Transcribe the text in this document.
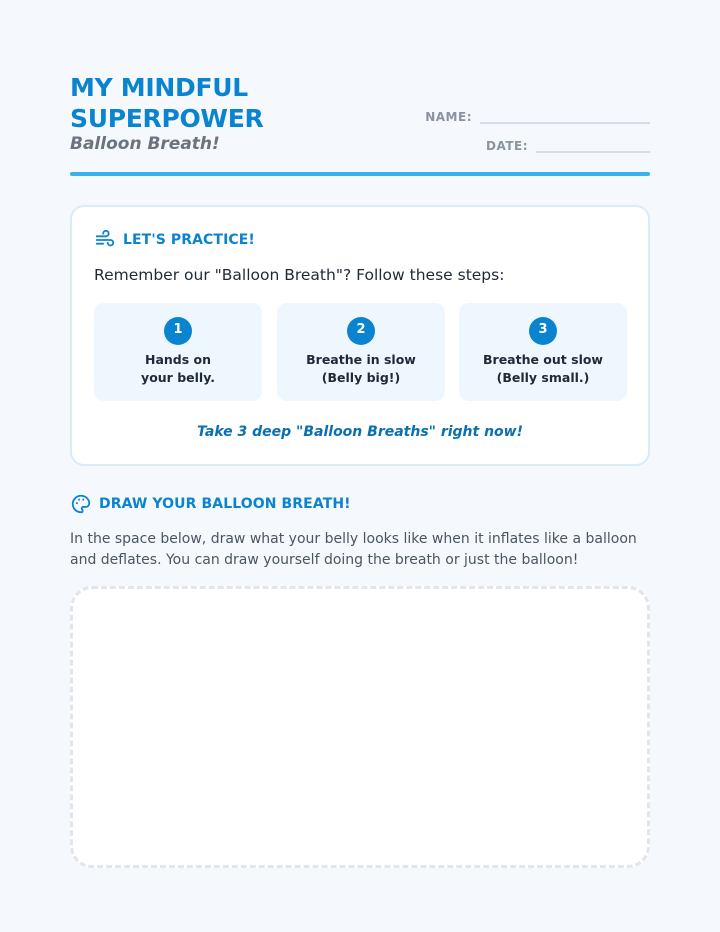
MY MINDFUL
SUPERPOWER
Balloon Breath!
NAME:
DATE:
LET'S PRACTICE!
Remember our "Balloon Breath"? Follow these steps:
1
Hands on
your belly.
2
Breathe in slow
(Belly big!)
3
Breathe out slow
(Belly small.)
Take 3 deep "Balloon Breaths" right now!
DRAW YOUR BALLOON BREATH!
In the space below, draw what your belly looks like when it inflates like a balloon and deflates. You can draw yourself doing the breath or just the balloon!
